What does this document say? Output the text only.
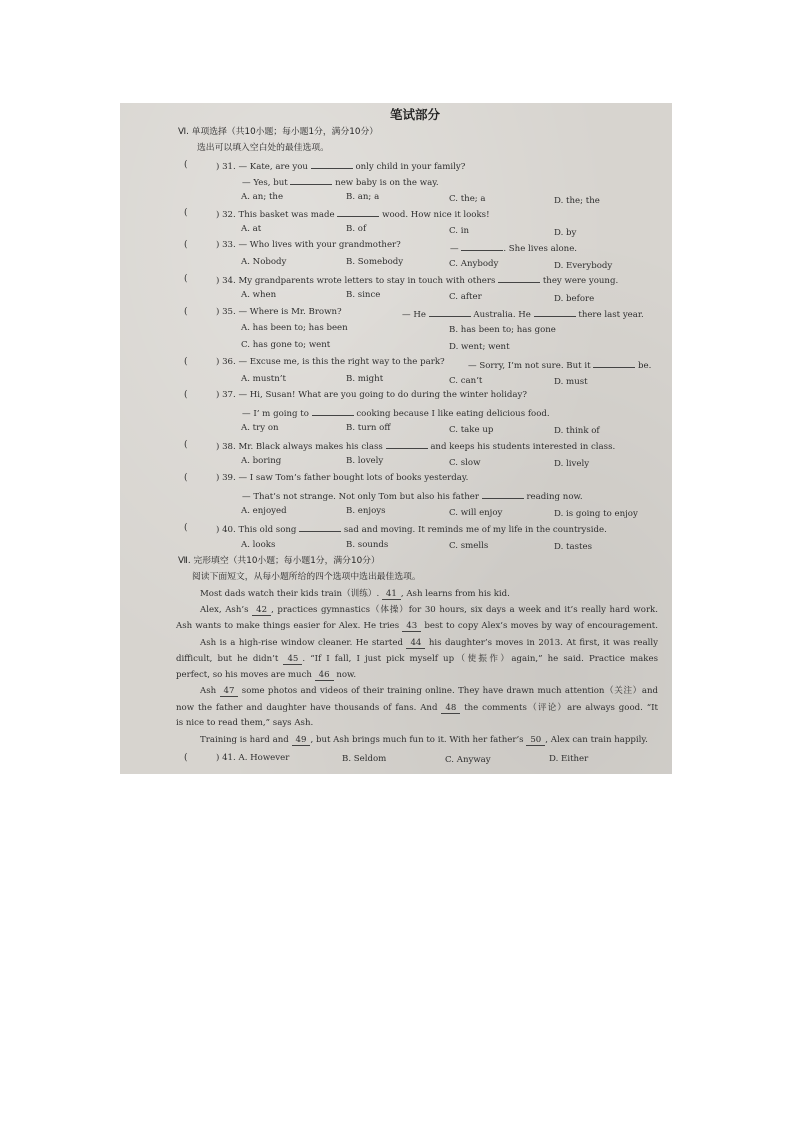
笔试部分
Ⅵ. 单项选择（共10小题；每小题1分，满分10分）
选出可以填入空白处的最佳选项。
(	) 31. — Kate, are you	only child in your family?
— Yes, but	new baby is on the way.
A. an; the	B. an; a	C. the; a	D. the; the
(	) 32. This basket was made	wood. How nice it looks!
A. at	B. of	C. in	D. by
(	) 33. — Who lives with your grandmother?	—	. She lives alone.
A. Nobody	B. Somebody	C. Anybody	D. Everybody
(	) 34. My grandparents wrote letters to stay in touch with others	they were young.
A. when	B. since	C. after	D. before
(	) 35. — Where is Mr. Brown?	— He	Australia. He	there last year.
A. has been to; has been	B. has been to; has gone
C. has gone to; went	D. went; went
(	) 36. — Excuse me, is this the right way to the park?	— Sorry, I’m not sure. But it	be.
A. mustn’t	B. might	C. can’t	D. must
(	) 37. — Hi, Susan! What are you going to do during the winter holiday?
— I’ m going to	cooking because I like eating delicious food.
A. try on	B. turn off	C. take up	D. think of
(	) 38. Mr. Black always makes his class	and keeps his students interested in class.
A. boring	B. lovely	C. slow	D. lively
(	) 39. — I saw Tom’s father bought lots of books yesterday.
— That’s not strange. Not only Tom but also his father	reading now.
A. enjoyed	B. enjoys	C. will enjoy	D. is going to enjoy
(	) 40. This old song	sad and moving. It reminds me of my life in the countryside.
A. looks	B. sounds	C. smells	D. tastes
Ⅶ. 完形填空（共10小题；每小题1分，满分10分）
阅读下面短文，从每小题所给的四个选项中选出最佳选项。
Most dads watch their kids train（训练）. 41 , Ash learns from his kid.
Alex, Ash’s 42 , practices gymnastics（体操）for 30 hours, six days a week and it’s really hard work.
Ash wants to make things easier for Alex. He tries 43 best to copy Alex’s moves by way of encouragement.
Ash is a high-rise window cleaner. He started 44 his daughter’s moves in 2013. At first, it was really
difficult, but he didn’t 45 . “If I fall, I just pick myself up（使振作）again,” he said. Practice makes
perfect, so his moves are much 46 now.
Ash 47 some photos and videos of their training online. They have drawn much attention（关注）and
now the father and daughter have thousands of fans. And 48 the comments（评论）are always good. “It
is nice to read them,” says Ash.
Training is hard and 49 , but Ash brings much fun to it. With her father’s 50 , Alex can train happily.
(	) 41. A. However	B. Seldom	C. Anyway	D. Either
